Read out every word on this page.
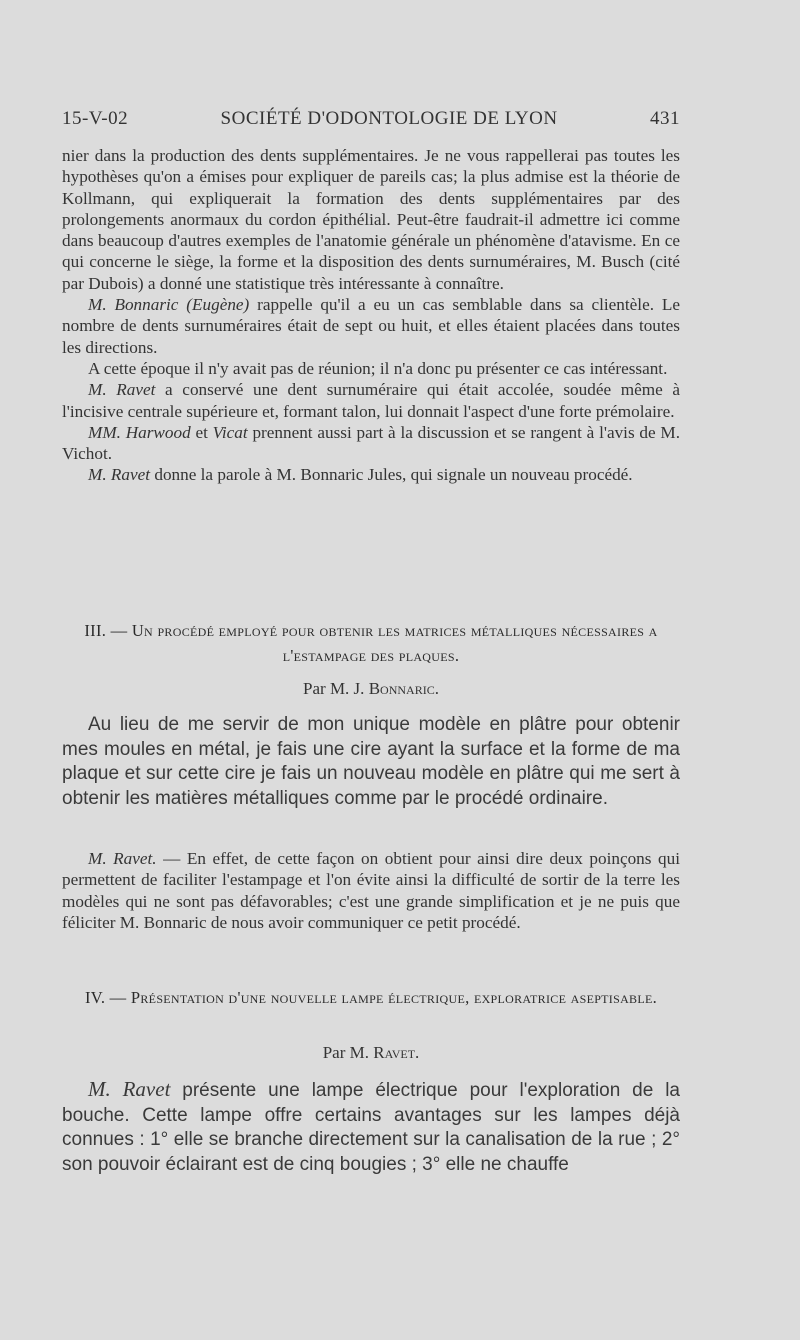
15-V-02	SOCIÉTÉ D'ODONTOLOGIE DE LYON	431

nier dans la production des dents supplémentaires. Je ne vous rappellerai pas toutes les hypothèses qu'on a émises pour expliquer de pareils cas; la plus admise est la théorie de Kollmann, qui expliquerait la formation des dents supplémentaires par des prolongements anormaux du cordon épithélial. Peut-être faudrait-il admettre ici comme dans beaucoup d'autres exemples de l'anatomie générale un phénomène d'atavisme. En ce qui concerne le siège, la forme et la disposition des dents surnuméraires, M. Busch (cité par Dubois) a donné une statistique très intéressante à connaître.

M. Bonnaric (Eugène) rappelle qu'il a eu un cas semblable dans sa clientèle. Le nombre de dents surnuméraires était de sept ou huit, et elles étaient placées dans toutes les directions.

A cette époque il n'y avait pas de réunion; il n'a donc pu présenter ce cas intéressant.

M. Ravet a conservé une dent surnuméraire qui était accolée, soudée même à l'incisive centrale supérieure et, formant talon, lui donnait l'aspect d'une forte prémolaire.

MM. Harwood et Vicat prennent aussi part à la discussion et se rangent à l'avis de M. Vichot.

M. Ravet donne la parole à M. Bonnaric Jules, qui signale un nouveau procédé.

III. — Un procédé employé pour obtenir les matrices métalliques nécessaires a l'estampage des plaques.

Par M. J. Bonnaric.

Au lieu de me servir de mon unique modèle en plâtre pour obtenir mes moules en métal, je fais une cire ayant la surface et la forme de ma plaque et sur cette cire je fais un nouveau modèle en plâtre qui me sert à obtenir les matières métalliques comme par le procédé ordinaire.

M. Ravet. — En effet, de cette façon on obtient pour ainsi dire deux poinçons qui permettent de faciliter l'estampage et l'on évite ainsi la difficulté de sortir de la terre les modèles qui ne sont pas défavorables; c'est une grande simplification et je ne puis que féliciter M. Bonnaric de nous avoir communiquer ce petit procédé.

IV. — Présentation d'une nouvelle lampe électrique, exploratrice aseptisable.

Par M. Ravet.

M. Ravet présente une lampe électrique pour l'exploration de la bouche. Cette lampe offre certains avantages sur les lampes déjà connues : 1° elle se branche directement sur la canalisation de la rue ; 2° son pouvoir éclairant est de cinq bougies ; 3° elle ne chauffe
